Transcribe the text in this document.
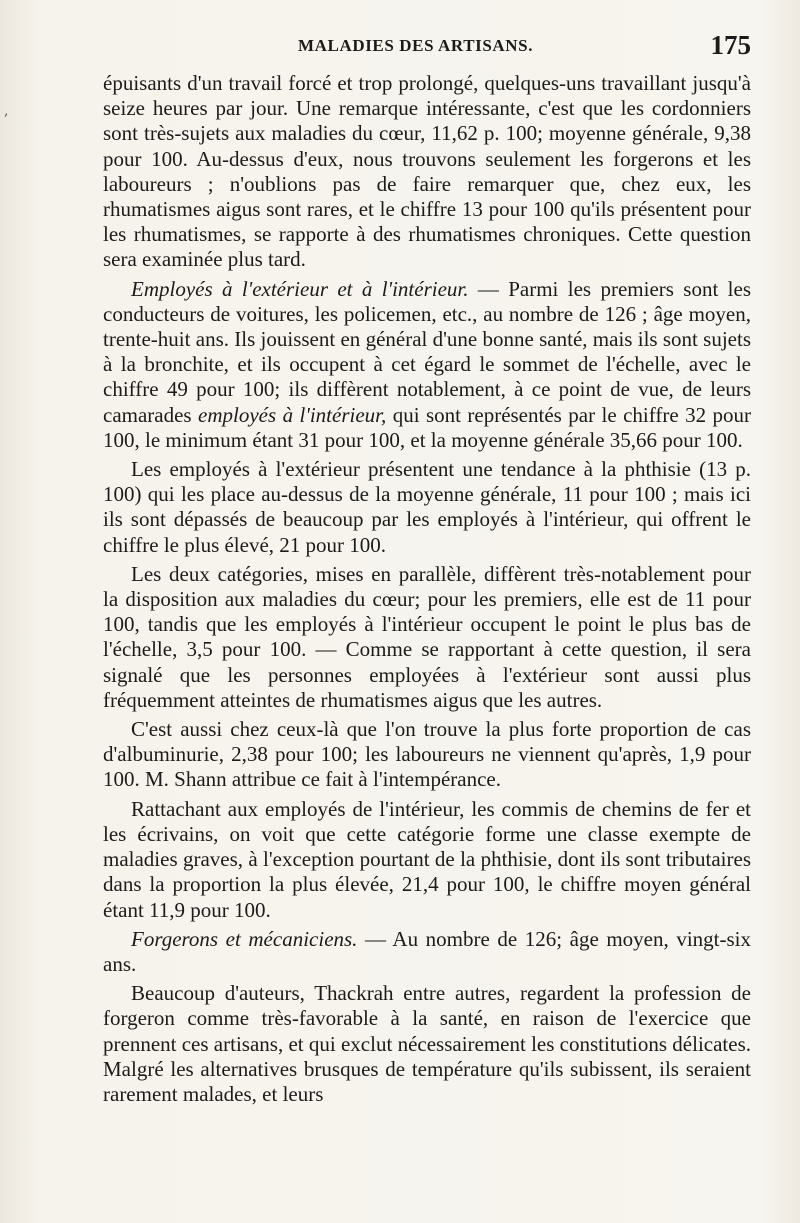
MALADIES DES ARTISANS.	175
,

épuisants d'un travail forcé et trop prolongé, quelques-uns travaillant jusqu'à seize heures par jour. Une remarque intéressante, c'est que les cordonniers sont très-sujets aux maladies du cœur, 11,62 p. 100; moyenne générale, 9,38 pour 100. Au-dessus d'eux, nous trouvons seulement les forgerons et les laboureurs ; n'oublions pas de faire remarquer que, chez eux, les rhumatismes aigus sont rares, et le chiffre 13 pour 100 qu'ils présentent pour les rhumatismes, se rapporte à des rhumatismes chroniques. Cette question sera examinée plus tard.

Employés à l'extérieur et à l'intérieur. — Parmi les premiers sont les conducteurs de voitures, les policemen, etc., au nombre de 126 ; âge moyen, trente-huit ans. Ils jouissent en général d'une bonne santé, mais ils sont sujets à la bronchite, et ils occupent à cet égard le sommet de l'échelle, avec le chiffre 49 pour 100; ils diffèrent notablement, à ce point de vue, de leurs camarades employés à l'intérieur, qui sont représentés par le chiffre 32 pour 100, le minimum étant 31 pour 100, et la moyenne générale 35,66 pour 100.

Les employés à l'extérieur présentent une tendance à la phthisie (13 p. 100) qui les place au-dessus de la moyenne générale, 11 pour 100 ; mais ici ils sont dépassés de beaucoup par les employés à l'intérieur, qui offrent le chiffre le plus élevé, 21 pour 100.

Les deux catégories, mises en parallèle, diffèrent très-notablement pour la disposition aux maladies du cœur; pour les premiers, elle est de 11 pour 100, tandis que les employés à l'intérieur occupent le point le plus bas de l'échelle, 3,5 pour 100. — Comme se rapportant à cette question, il sera signalé que les personnes employées à l'extérieur sont aussi plus fréquemment atteintes de rhumatismes aigus que les autres.

C'est aussi chez ceux-là que l'on trouve la plus forte proportion de cas d'albuminurie, 2,38 pour 100; les laboureurs ne viennent qu'après, 1,9 pour 100. M. Shann attribue ce fait à l'intempérance.

Rattachant aux employés de l'intérieur, les commis de chemins de fer et les écrivains, on voit que cette catégorie forme une classe exempte de maladies graves, à l'exception pourtant de la phthisie, dont ils sont tributaires dans la proportion la plus élevée, 21,4 pour 100, le chiffre moyen général étant 11,9 pour 100.

Forgerons et mécaniciens. — Au nombre de 126; âge moyen, vingt-six ans.

Beaucoup d'auteurs, Thackrah entre autres, regardent la profession de forgeron comme très-favorable à la santé, en raison de l'exercice que prennent ces artisans, et qui exclut nécessairement les constitutions délicates. Malgré les alternatives brusques de température qu'ils subissent, ils seraient rarement malades, et leurs
